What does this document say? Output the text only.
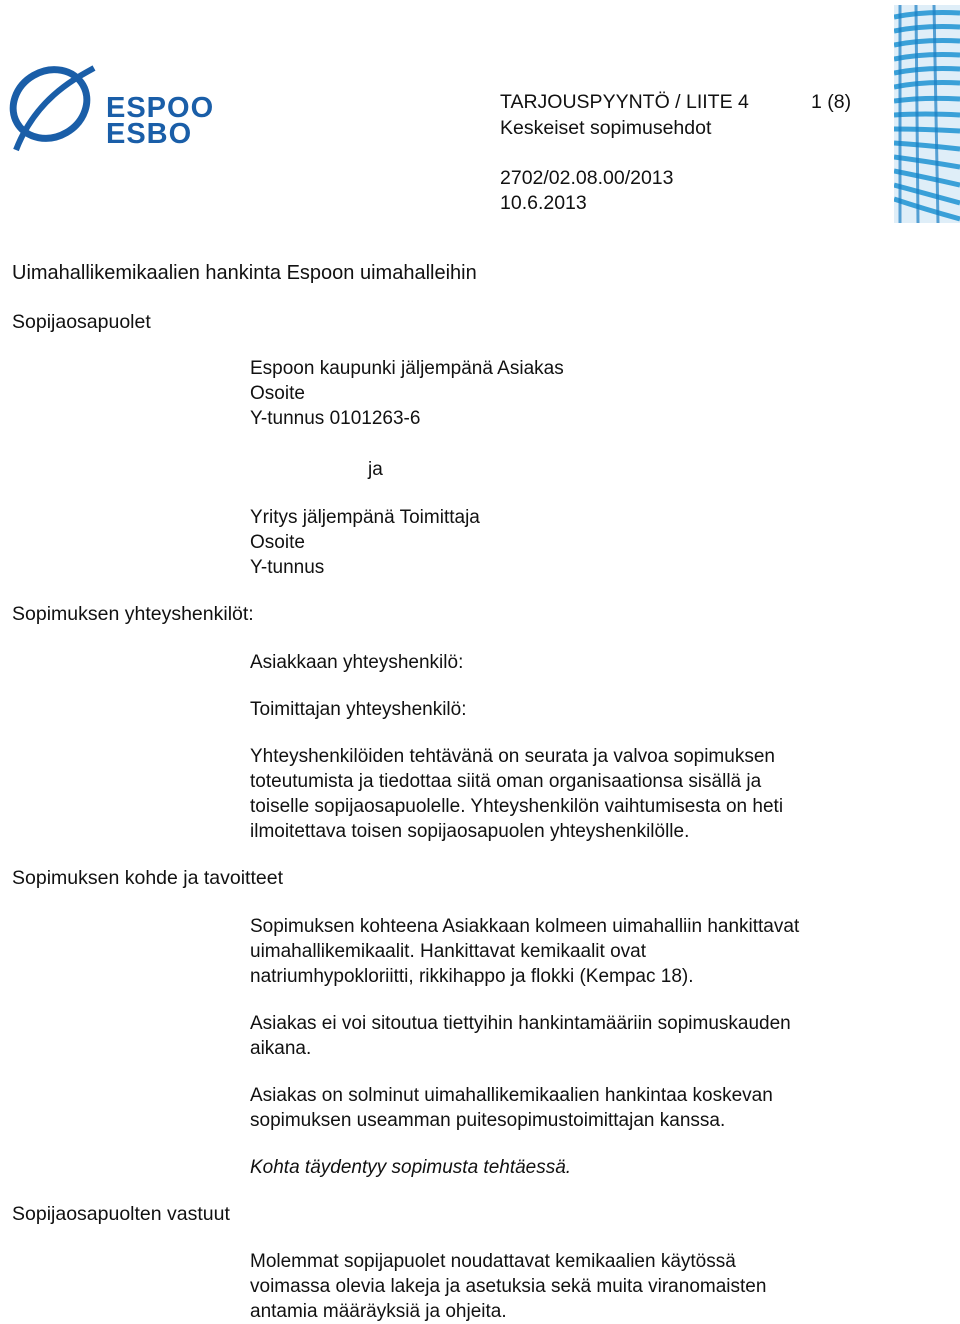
ESPOO
ESBO
TARJOUSPYYNTÖ / LIITE 4	1 (8)
Keskeiset sopimusehdot
2702/02.08.00/2013
10.6.2013
Uimahallikemikaalien hankinta Espoon uimahalleihin
Sopijaosapuolet
Sopimuksen yhteyshenkilöt:
Sopimuksen kohde ja tavoitteet
Sopijaosapuolten vastuut
Espoon kaupunki jäljempänä Asiakas
Osoite
Y-tunnus 0101263-6
ja
Yritys jäljempänä Toimittaja
Osoite
Y-tunnus
Asiakkaan yhteyshenkilö:
Toimittajan yhteyshenkilö:
Yhteyshenkilöiden tehtävänä on seurata ja valvoa sopimuksen
toteutumista ja tiedottaa siitä oman organisaationsa sisällä ja
toiselle sopijaosapuolelle. Yhteyshenkilön vaihtumisesta on heti
ilmoitettava toisen sopijaosapuolen yhteyshenkilölle.
Sopimuksen kohteena Asiakkaan kolmeen uimahalliin hankittavat
uimahallikemikaalit. Hankittavat kemikaalit ovat
natriumhypokloriitti, rikkihappo ja flokki (Kempac 18).
Asiakas ei voi sitoutua tiettyihin hankintamääriin sopimuskauden
aikana.
Asiakas on solminut uimahallikemikaalien hankintaa koskevan
sopimuksen useamman puitesopimustoimittajan kanssa.
Kohta täydentyy sopimusta tehtäessä.
Molemmat sopijapuolet noudattavat kemikaalien käytössä
voimassa olevia lakeja ja asetuksia sekä muita viranomaisten
antamia määräyksiä ja ohjeita.
